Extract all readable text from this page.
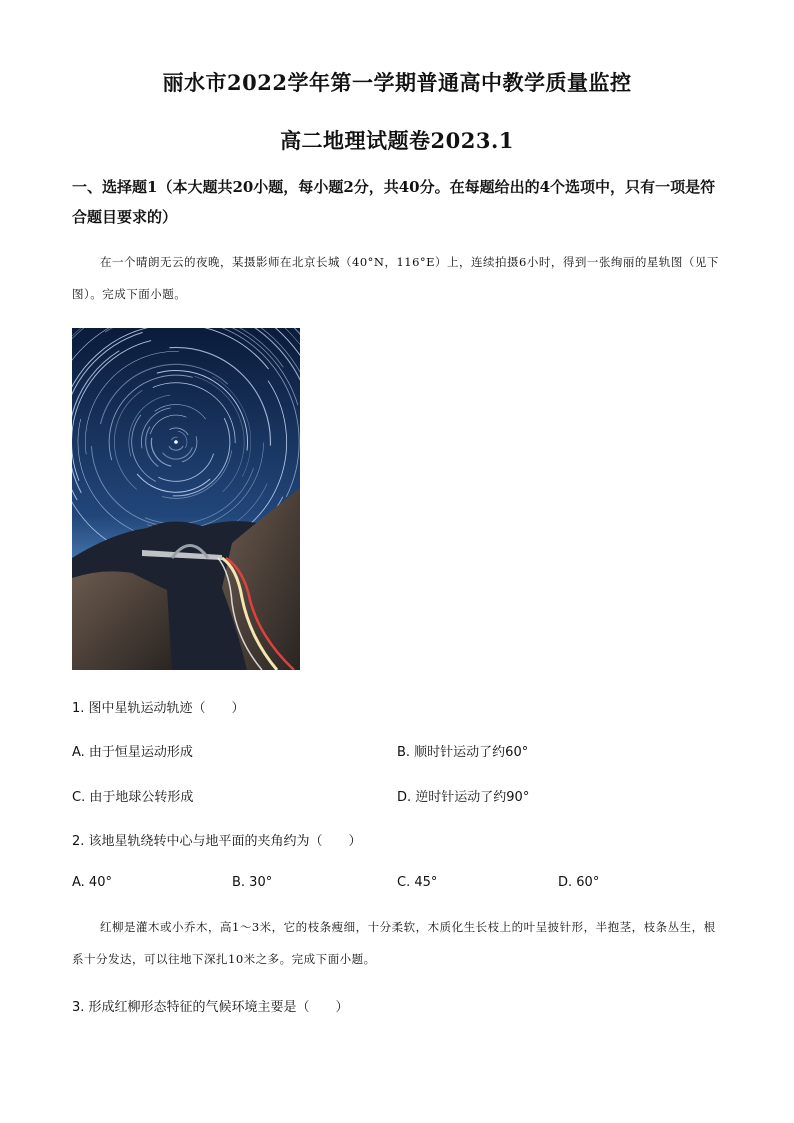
丽水市2022学年第一学期普通高中教学质量监控
高二地理试题卷2023.1
一、选择题1（本大题共20小题，每小题2分，共40分。在每题给出的4个选项中，只有一项是符合题目要求的）
在一个晴朗无云的夜晚，某摄影师在北京长城（40°N，116°E）上，连续拍摄6小时，得到一张绚丽的星轨图（见下图）。完成下面小题。
1. 图中星轨运动轨迹（　　）
A. 由于恒星运动形成	B. 顺时针运动了约60°
C. 由于地球公转形成	D. 逆时针运动了约90°
2. 该地星轨绕转中心与地平面的夹角约为（　　）
A. 40°	B. 30°	C. 45°	D. 60°
红柳是灌木或小乔木，高1～3米，它的枝条瘦细，十分柔软，木质化生长枝上的叶呈披针形，半抱茎，枝条丛生，根系十分发达，可以往地下深扎10米之多。完成下面小题。
3. 形成红柳形态特征的气候环境主要是（　　）
